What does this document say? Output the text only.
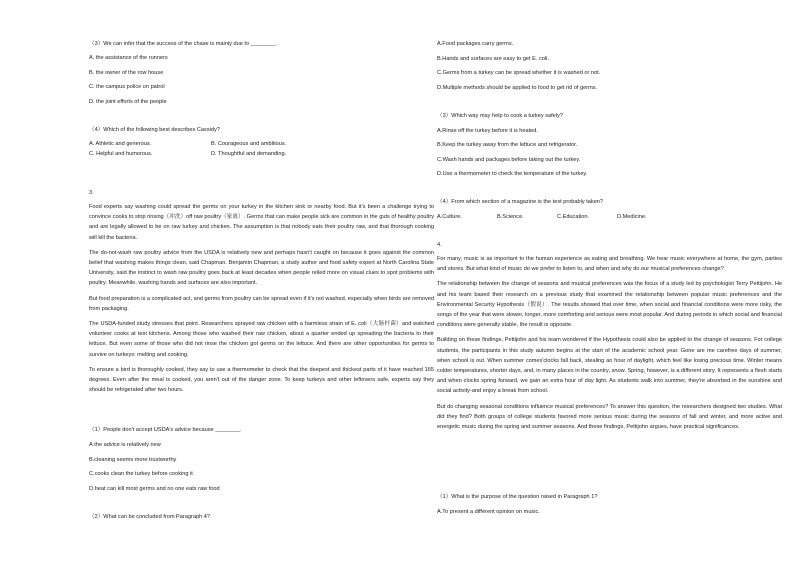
（3）We can infer that the success of the chase is mainly due to ________.

A. the assistance of the runners

B. the owner of the row house

C. the campus police on patrol

D. the joint efforts of the people

（4）Which of the following best describes Cassidy?

A. Athletic and generous.	B. Courageous and ambitious.
C. Helpful and humorous.	D. Thoughtful and demanding.

3.

Food experts say washing could spread the germs on your turkey in the kitchen sink or nearby food. But it's been a challenge trying to convince cooks to stop rinsing（冲洗）off raw poultry（家禽）. Germs that can make people sick are common in the guts of healthy poultry and are legally allowed to be on raw turkey and chicken. The assumption is that nobody eats their poultry raw, and that thorough cooking will kill the bacteria.

The do-not-wash raw poultry advice from the USDA is relatively new and perhaps hasn't caught on because it goes against the common belief that washing makes things clean, said Chapman. Benjamin Chapman, a study author and food safety expert at North Carolina State University, said the instinct to wash raw poultry goes back at least decades when people relied more on visual clues to spot problems with poultry. Meanwhile, washing hands and surfaces are also important.

But food preparation is a complicated act, and germs from poultry can be spread even if it's not washed, especially when birds are removed from packaging.

The USDA-funded study stresses that point. Researchers sprayed raw chicken with a harmless strain of E. coli（大肠杆菌）and watched volunteer cooks at test kitchens. Among those who washed their raw chicken, about a quarter ended up spreading the bacteria to their lettuce. But even some of those who did not rinse the chicken got germs on the lettuce. And there are other opportunities for germs to survive on turkeys: melting and cooking.

To ensure a bird is thoroughly cooked, they say to use a thermometer to check that the deepest and thickest parts of it have reached 165 degrees. Even after the meal is cooked, you aren't out of the danger zone. To keep turkeys and other leftovers safe, experts say they should be refrigerated after two hours.

（1）People don't accept USDA's advice because ________.

A.the advice is relatively new

B.cleaning seems more trustworthy

C.cooks clean the turkey before cooking it

D.heat can kill most germs and no one eats raw food

（2）What can be concluded from Paragraph 4?

A.Food packages carry germs.

B.Hands and surfaces are easy to get E. coli.

C.Germs from a turkey can be spread whether it is washed or not.

D.Multiple methods should be applied to food to get rid of germs.

（3）Which way may help to cook a turkey safely?

A.Rinse off the turkey before it is heated.

B.Keep the turkey away from the lettuce and refrigerator.

C.Wash hands and packages before taking out the turkey.

D.Use a thermometer to check the temperature of the turkey.

（4）From which section of a magazine is the text probably taken?

A.Culture.	B.Science.	C.Education.	D.Medicine.

4.

For many, music is as important to the human experience as eating and breathing. We hear music everywhere at home, the gym, parties and stores. But what kind of music do we prefer to listen to, and when and why do our musical preferences change?

The relationship between the change of seasons and musical preferences was the focus of a study led by psychologist Terry Pettijohn. He and his team based their research on a previous study that examined the relationship between popular music preferences and the Environmental Security Hypothesis（假说）. The results showed that over time, when social and financial conditions were more risky, the songs of the year that were slower, longer, more comforting and serious were most popular. And during periods in which social and financial conditions were generally stable, the result is opposite.

Building on these findings, Pettijohn and his team wondered if the Hypothesis could also be applied to the change of seasons. For college students, the participants in this study autumn begins at the start of the academic school year. Gone are me carefree days of summer, when school is out. When summer comes'clocks fall back, stealing an hour of daylight, which feel like losing precious time. Winter means colder temperatures, shorter days, and, in many places in the country, snow. Spring, however, is a different story. It represents a flesh starts and when clocks spring forward, we gain an extra hour of day light. As students walk into summer, they're absorbed in the sunshine and social activity-and enjoy a break from school.

But do changing seasonal conditions influence musical preferences? To answer this question, the researchers designed two studies. What did they find? Both groups of college students favored more serious music during the seasons of fall and winter, and more active and energetic music during the spring and summer seasons. And these findings, Pettijohn argues, have practical significances.

（1）What is the purpose of the question raised in Paragraph 1?

A.To present a different opinion on music.
